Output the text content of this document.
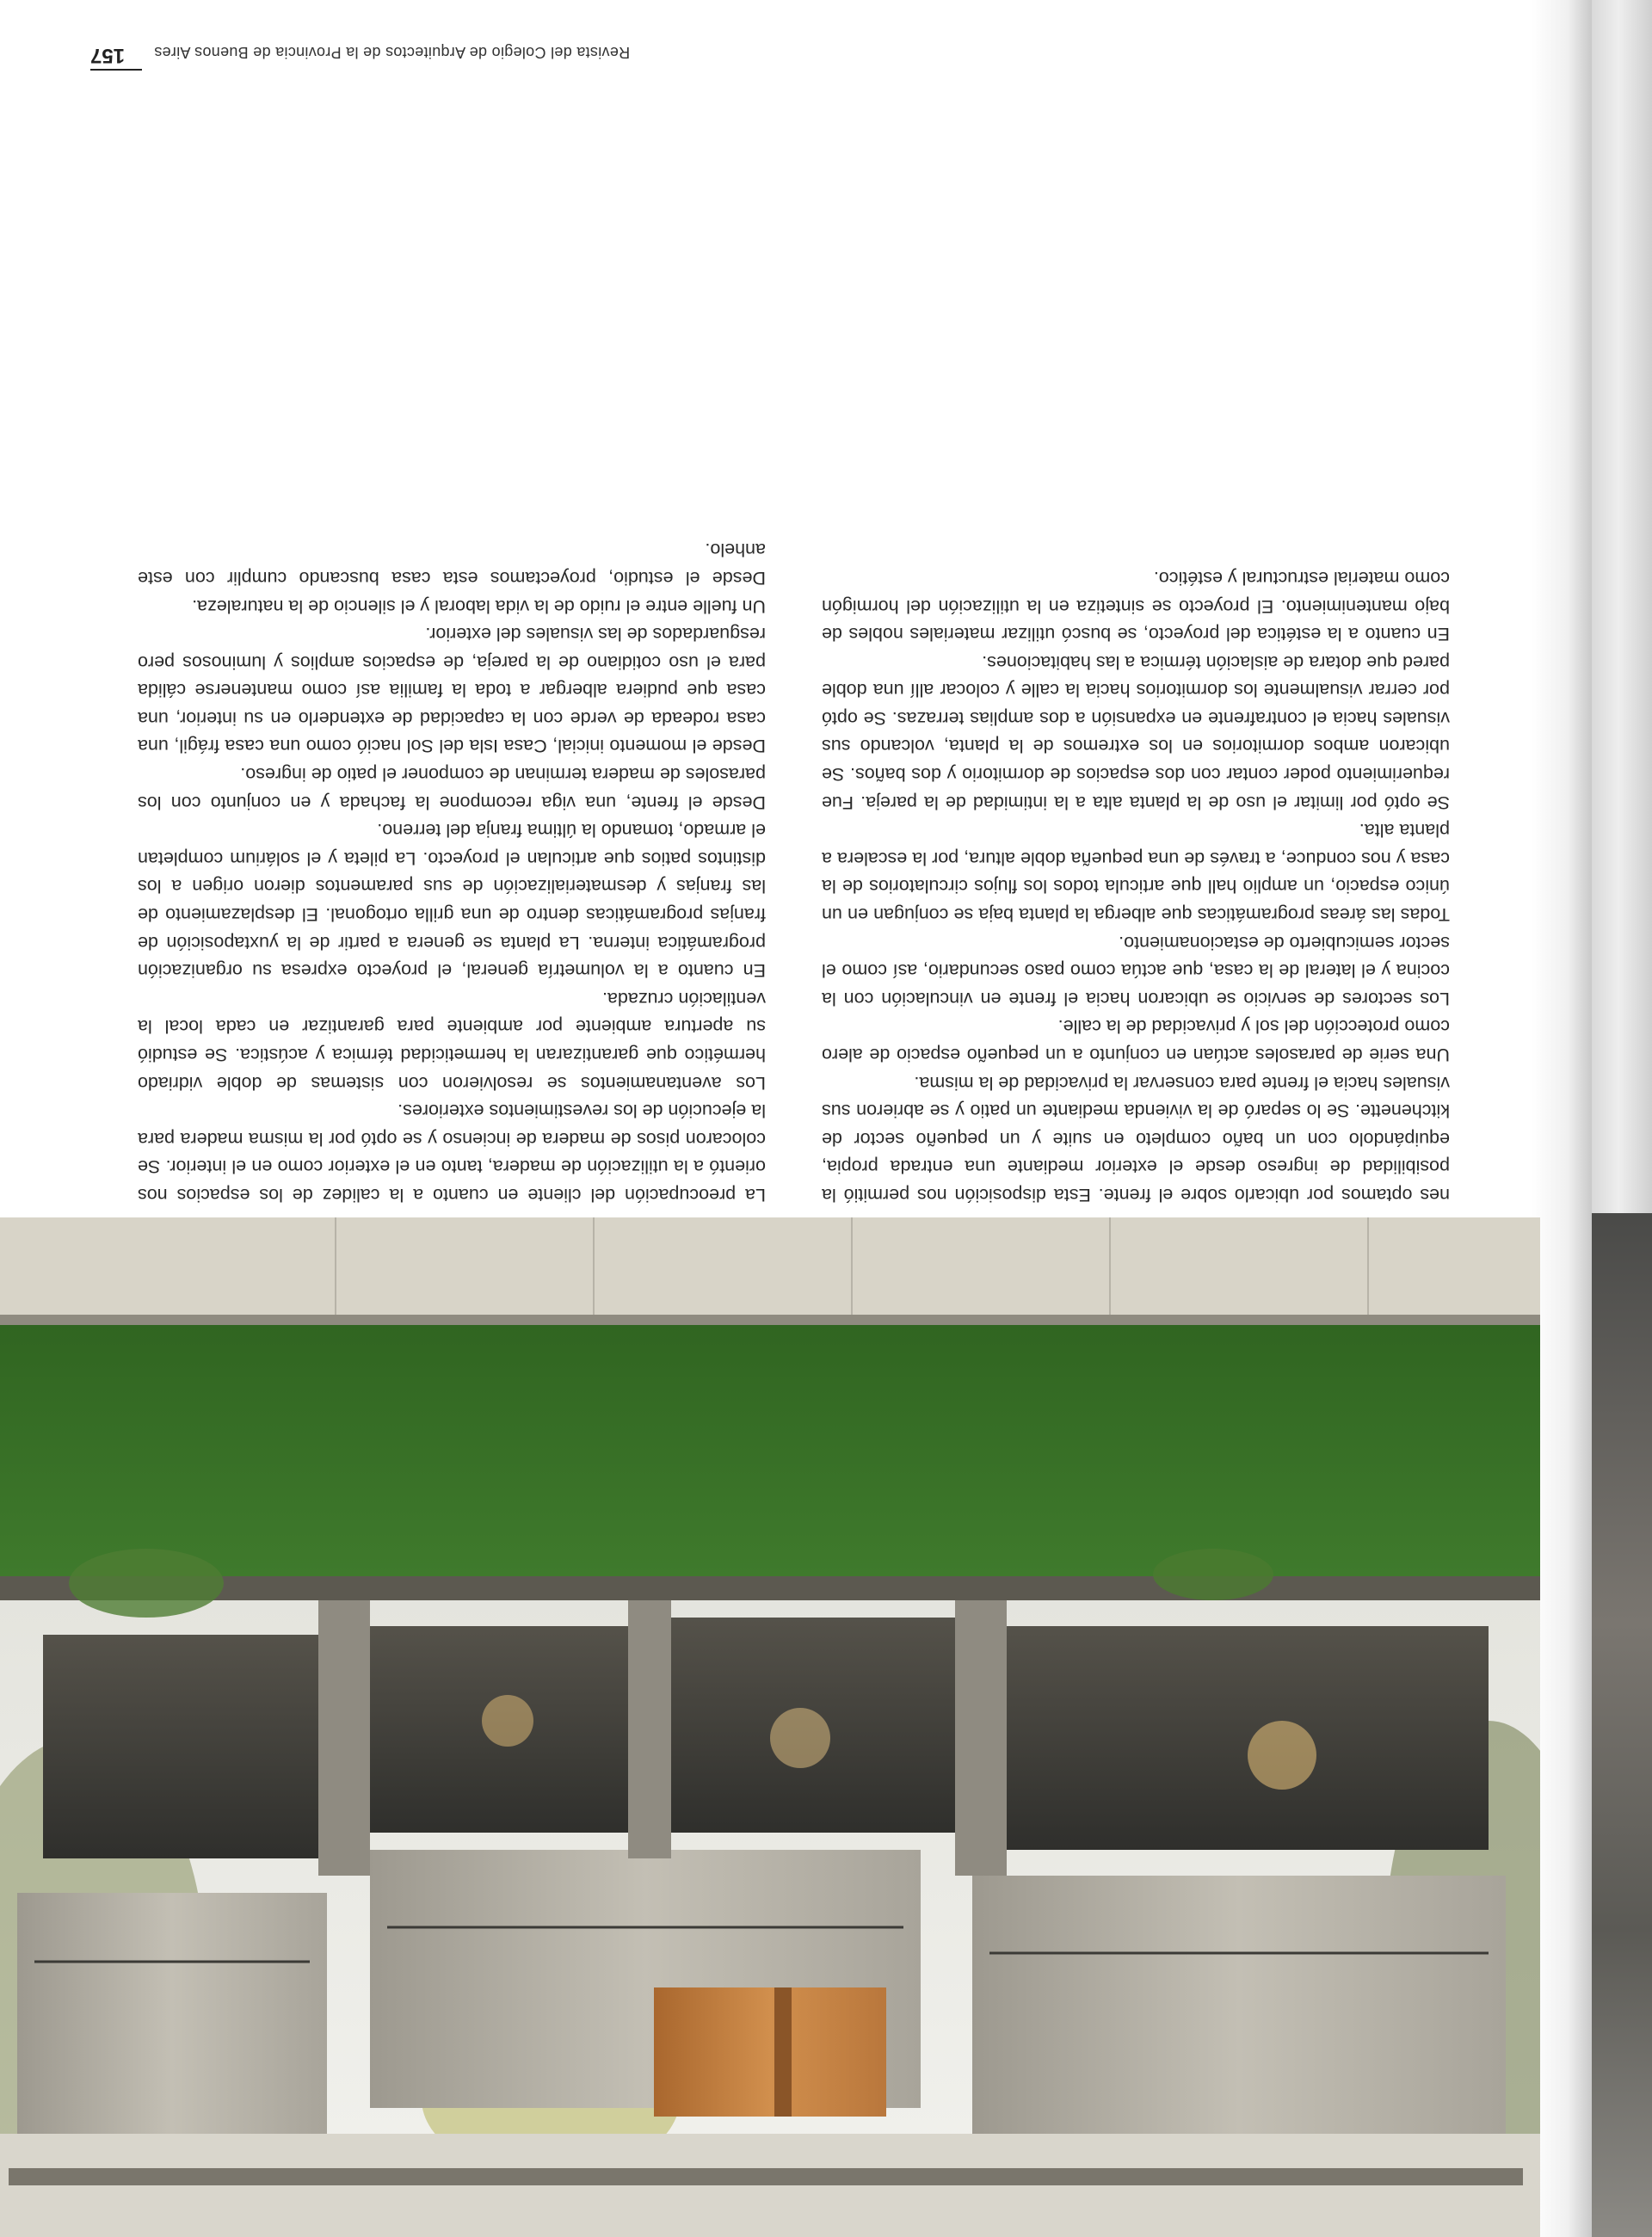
nes optamos por ubicarlo sobre el frente. Esta disposición nos permitió la posibilidad de ingreso desde el exterior mediante una entrada propia, equipándolo con un baño completo en suite y un pequeño sector de kitchenette. Se lo separó de la vivienda mediante un patio y se abrieron sus visuales hacia el frente para conservar la privacidad de la misma.

Una serie de parasoles actúan en conjunto a un pequeño espacio de alero como protección del sol y privacidad de la calle.

Los sectores de servicio se ubicaron hacia el frente en vinculación con la cocina y el lateral de la casa, que actúa como paso secundario, así como el sector semicubierto de estacionamiento.

Todas las áreas programáticas que alberga la planta baja se conjugan en un único espacio, un amplio hall que articula todos los flujos circulatorios de la casa y nos conduce, a través de una pequeña doble altura, por la escalera a planta alta.

Se optó por limitar el uso de la planta alta a la intimidad de la pareja. Fue requerimiento poder contar con dos espacios de dormitorio y dos baños. Se ubicaron ambos dormitorios en los extremos de la planta, volcando sus visuales hacia el contrafrente en expansión a dos amplias terrazas. Se optó por cerrar visualmente los dormitorios hacia la calle y colocar allí una doble pared que dotara de aislación térmica a las habitaciones.

En cuanto a la estética del proyecto, se buscó utilizar materiales nobles de bajo mantenimiento. El proyecto se sintetiza en la utilización del hormigón como material estructural y estético.

La preocupación del cliente en cuanto a la calidez de los espacios nos orientó a la utilización de madera, tanto en el exterior como en el interior. Se colocaron pisos de madera de incienso y se optó por la misma madera para la ejecución de los revestimientos exteriores.

Los aventanamientos se resolvieron con sistemas de doble vidriado hermético que garantizaran la hermeticidad térmica y acústica. Se estudió su apertura ambiente por ambiente para garantizar en cada local la ventilación cruzada.

En cuanto a la volumetría general, el proyecto expresa su organización programática interna. La planta se genera a partir de la yuxtaposición de franjas programáticas dentro de una grilla ortogonal. El desplazamiento de las franjas y desmaterialización de sus paramentos dieron origen a los distintos patios que articulan el proyecto. La pileta y el solárium completan el armado, tomando la última franja del terreno.

Desde el frente, una viga recompone la fachada y en conjunto con los parasoles de madera terminan de componer el patio de ingreso.

Desde el momento inicial, Casa Isla del Sol nació como una casa frágil, una casa rodeada de verde con la capacidad de extenderlo en su interior, una casa que pudiera albergar a toda la familia así como mantenerse cálida para el uso cotidiano de la pareja, de espacios amplios y luminosos pero resguardados de las visuales del exterior.

Un fuelle entre el ruido de la vida laboral y el silencio de la naturaleza.

Desde el estudio, proyectamos esta casa buscando cumplir con este anhelo.

Revista del Colegio de Arquitectos de la Provincia de Buenos Aires
157
